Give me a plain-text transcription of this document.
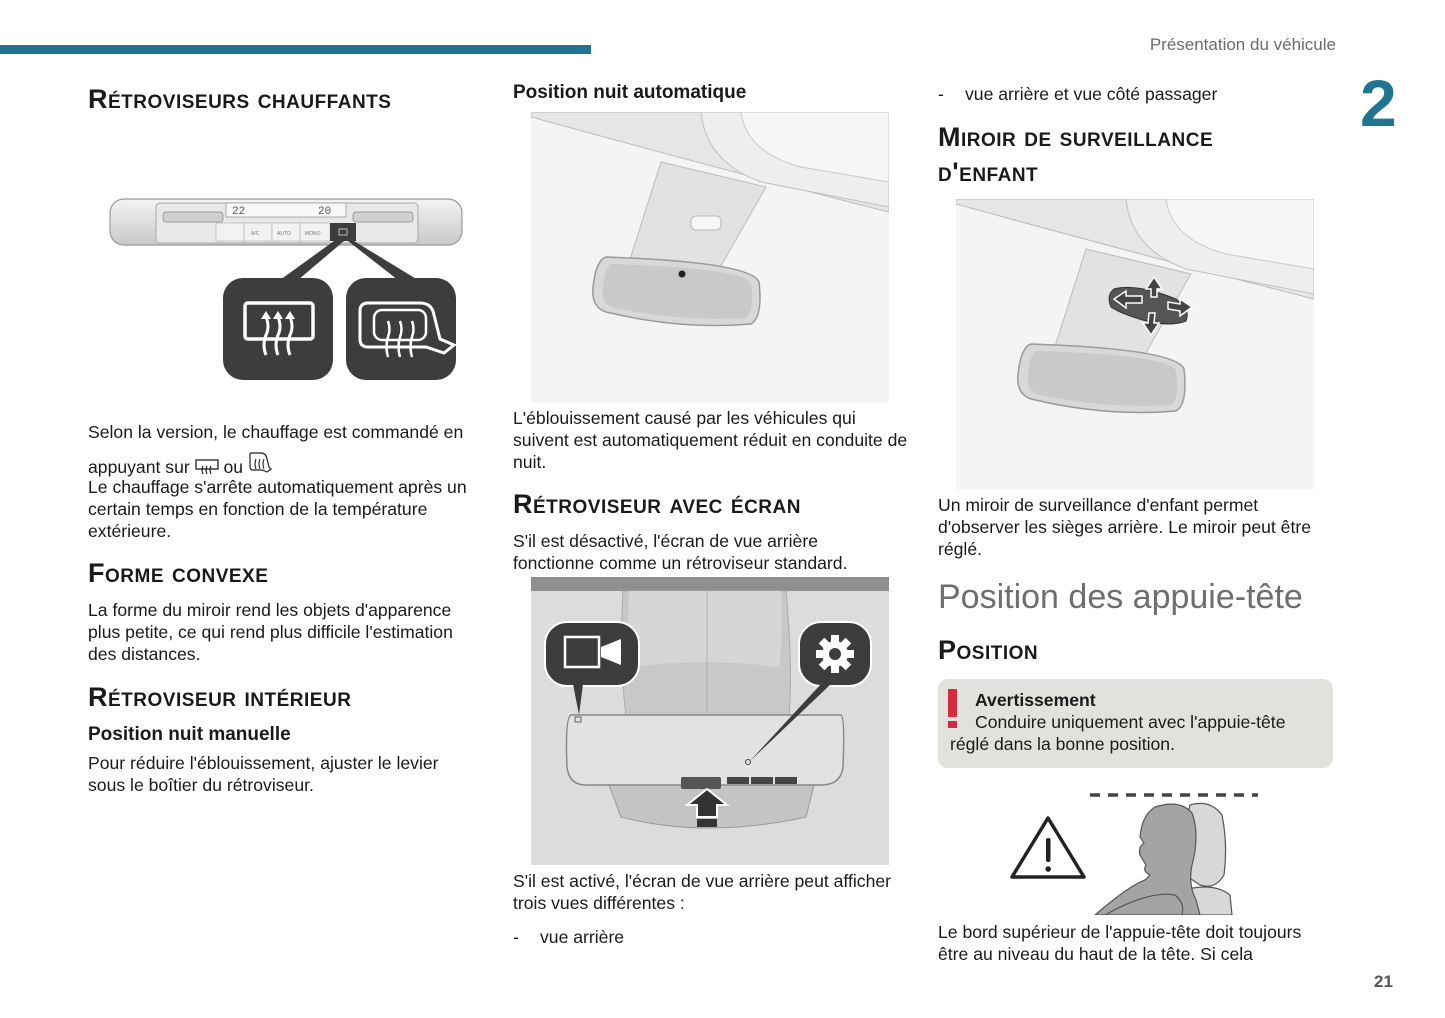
Présentation du véhicule
2
Rétroviseurs chauffants
22	20
A/C	AUTO	MONO
Selon la version, le chauffage est commandé en
appuyant sur ou
Le chauffage s'arrête automatiquement après un certain temps en fonction de la température extérieure.
Forme convexe
La forme du miroir rend les objets d'apparence plus petite, ce qui rend plus difficile l'estimation des distances.
Rétroviseur intérieur
Position nuit manuelle
Pour réduire l'éblouissement, ajuster le levier sous le boîtier du rétroviseur.
Position nuit automatique
L'éblouissement causé par les véhicules qui suivent est automatiquement réduit en conduite de nuit.
Rétroviseur avec écran
S'il est désactivé, l'écran de vue arrière fonctionne comme un rétroviseur standard.
S'il est activé, l'écran de vue arrière peut afficher trois vues différentes :
- vue arrière
- vue arrière et vue côté passager
Miroir de surveillance
d'enfant
Un miroir de surveillance d'enfant permet d'observer les sièges arrière. Le miroir peut être réglé.
Position des appuie-tête
Position
Avertissement
Conduire uniquement avec l'appuie-tête
réglé dans la bonne position.
Le bord supérieur de l'appuie-tête doit toujours
être au niveau du haut de la tête. Si cela
21
